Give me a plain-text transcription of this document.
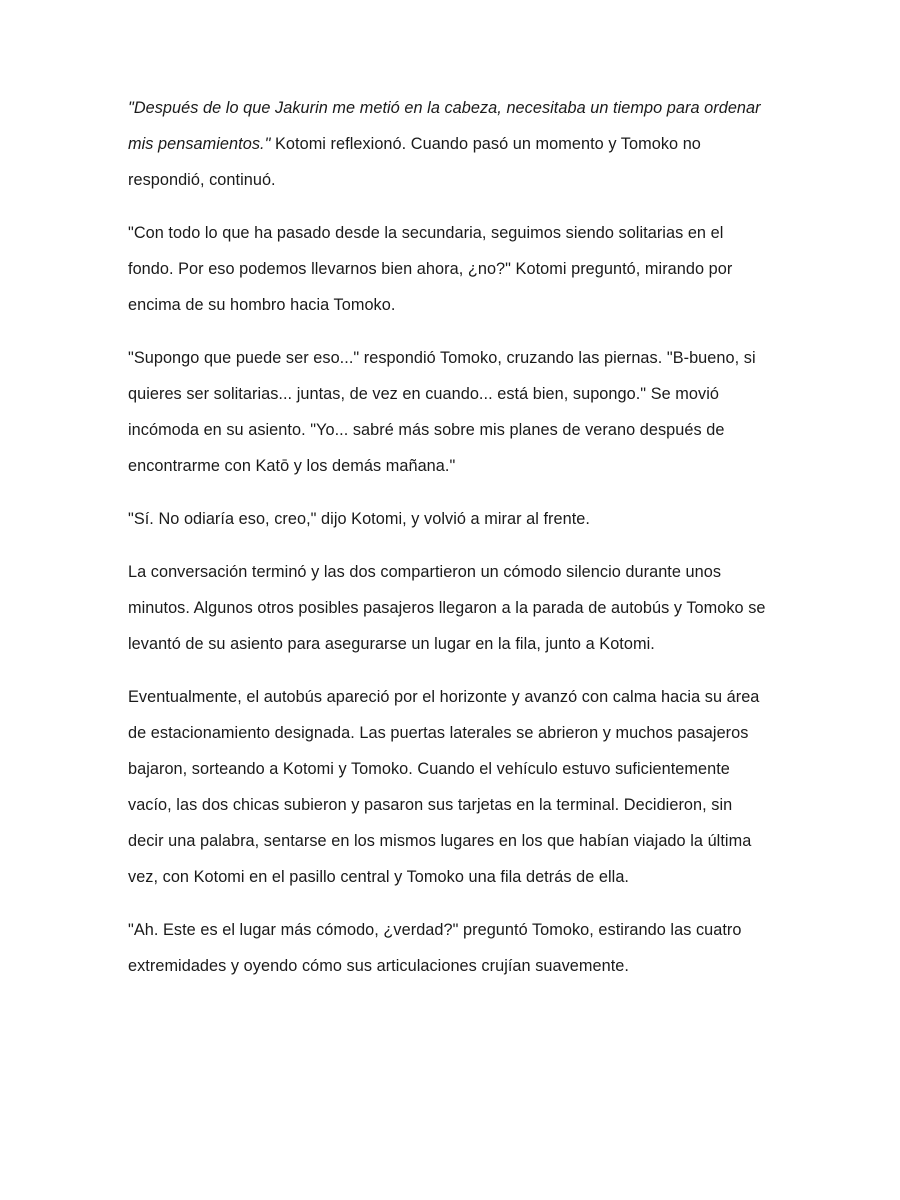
"Después de lo que Jakurin me metió en la cabeza, necesitaba un tiempo para ordenar mis pensamientos." Kotomi reflexionó. Cuando pasó un momento y Tomoko no respondió, continuó.

"Con todo lo que ha pasado desde la secundaria, seguimos siendo solitarias en el fondo. Por eso podemos llevarnos bien ahora, ¿no?" Kotomi preguntó, mirando por encima de su hombro hacia Tomoko.

"Supongo que puede ser eso..." respondió Tomoko, cruzando las piernas. "B-bueno, si quieres ser solitarias... juntas, de vez en cuando... está bien, supongo." Se movió incómoda en su asiento. "Yo... sabré más sobre mis planes de verano después de encontrarme con Katō y los demás mañana."

"Sí. No odiaría eso, creo," dijo Kotomi, y volvió a mirar al frente.

La conversación terminó y las dos compartieron un cómodo silencio durante unos minutos. Algunos otros posibles pasajeros llegaron a la parada de autobús y Tomoko se levantó de su asiento para asegurarse un lugar en la fila, junto a Kotomi.

Eventualmente, el autobús apareció por el horizonte y avanzó con calma hacia su área de estacionamiento designada. Las puertas laterales se abrieron y muchos pasajeros bajaron, sorteando a Kotomi y Tomoko. Cuando el vehículo estuvo suficientemente vacío, las dos chicas subieron y pasaron sus tarjetas en la terminal. Decidieron, sin decir una palabra, sentarse en los mismos lugares en los que habían viajado la última vez, con Kotomi en el pasillo central y Tomoko una fila detrás de ella.

"Ah. Este es el lugar más cómodo, ¿verdad?" preguntó Tomoko, estirando las cuatro extremidades y oyendo cómo sus articulaciones crujían suavemente.
